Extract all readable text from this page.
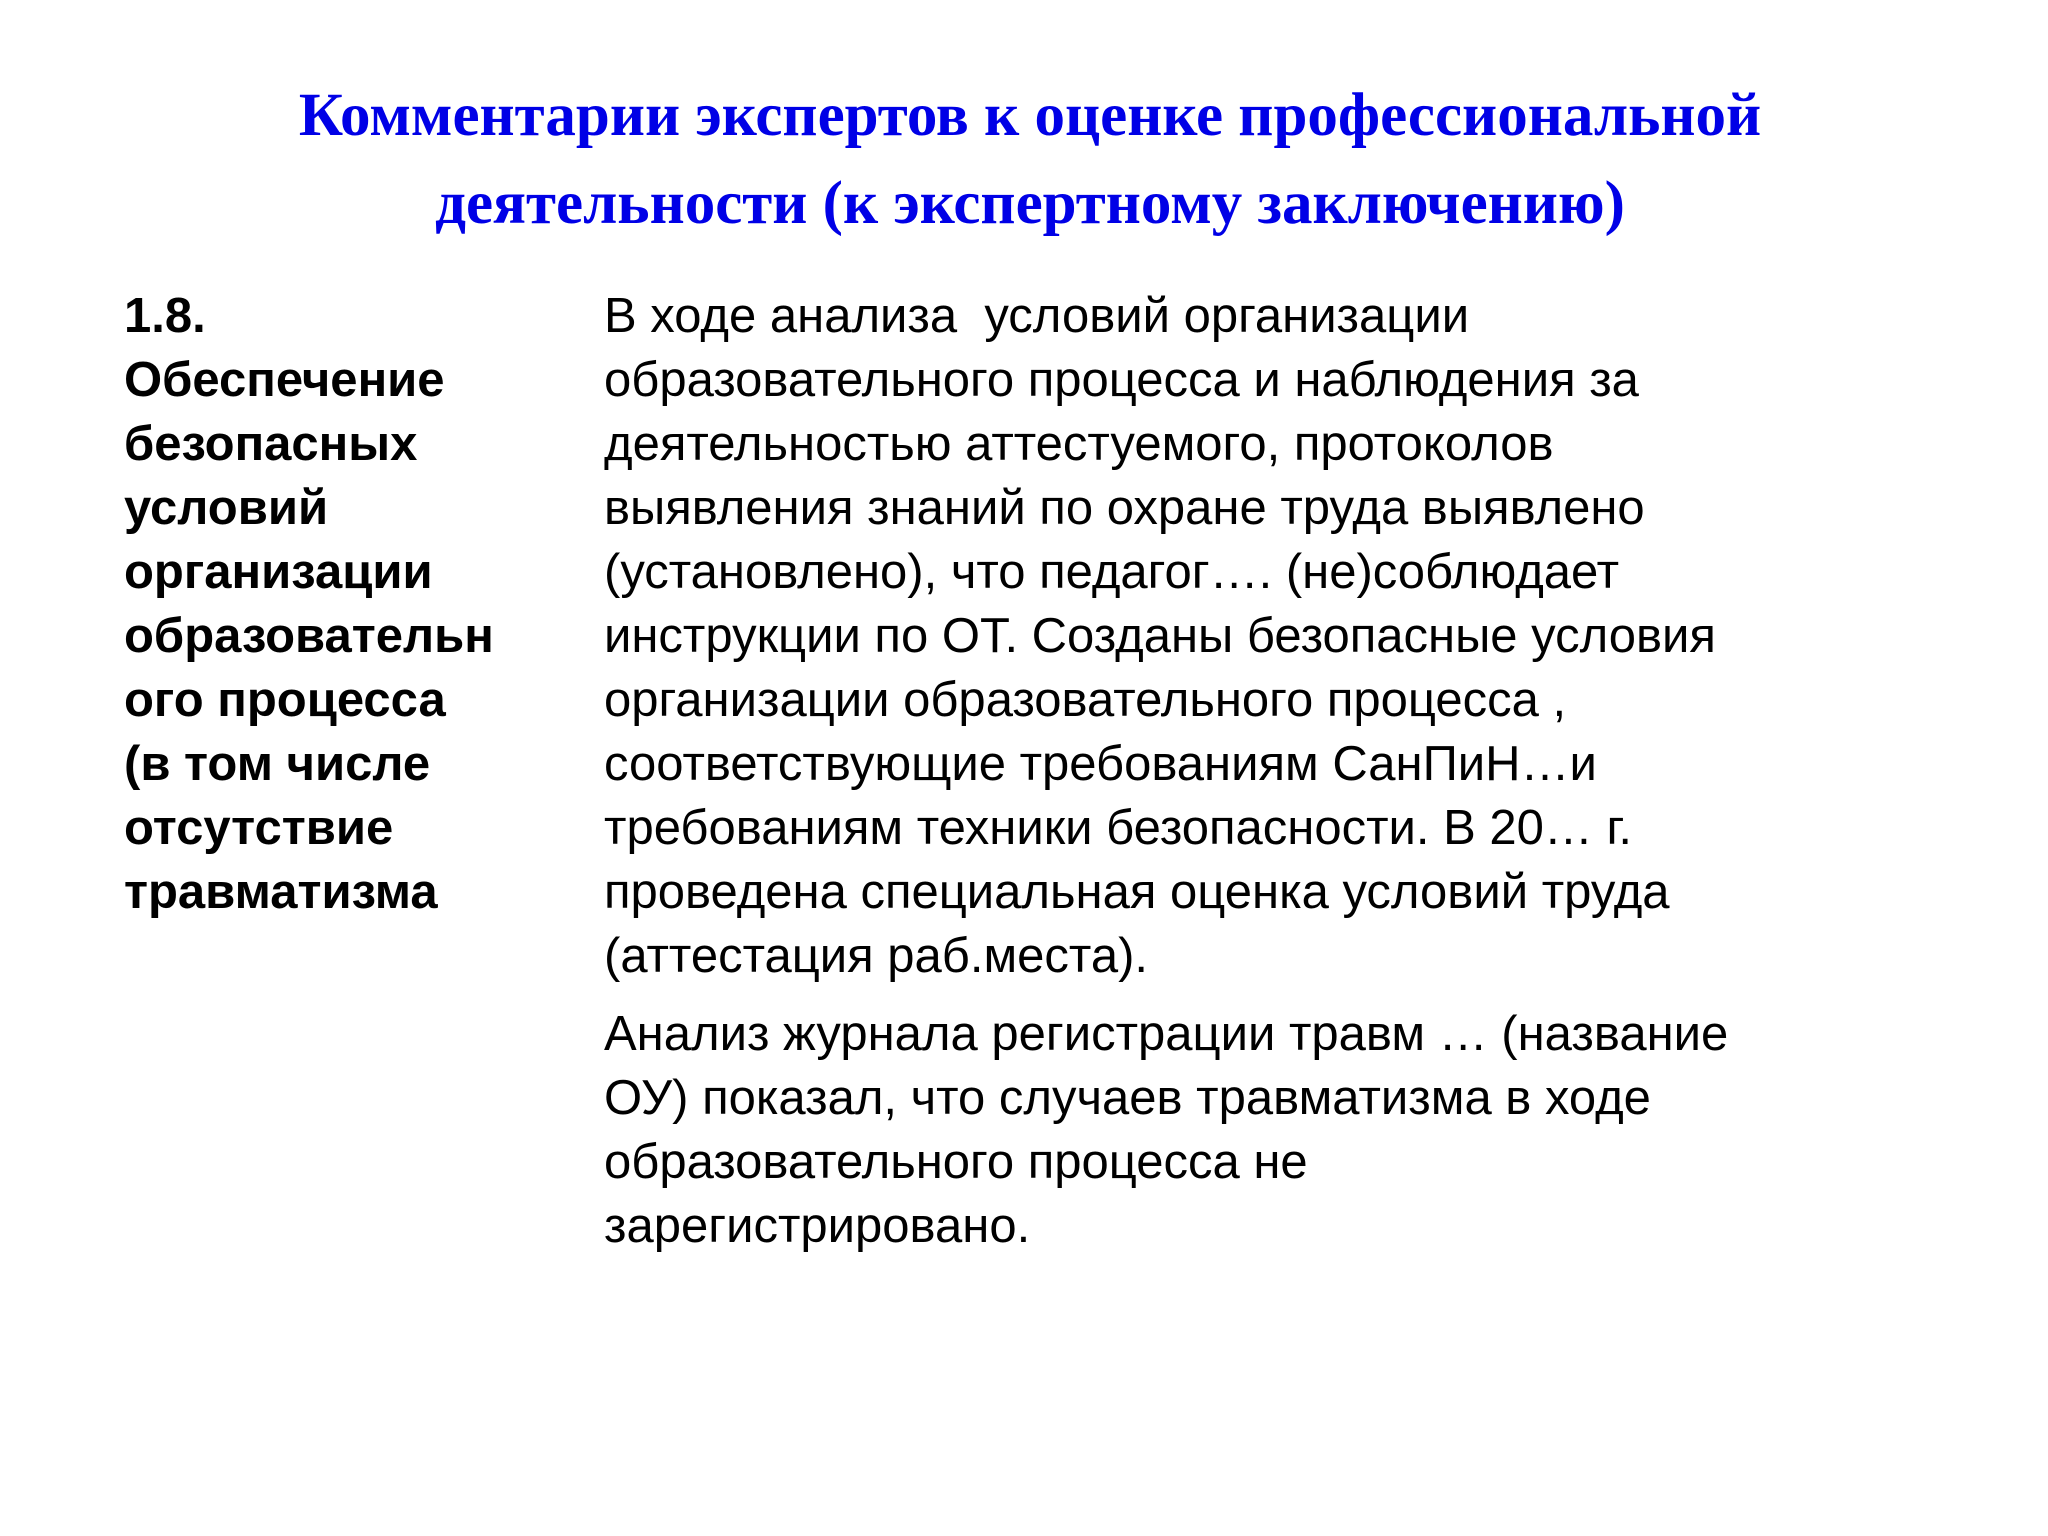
Комментарии экспертов к оценке профессиональной
деятельности (к экспертному заключению)
1.8.
Обеспечение
безопасных
условий
организации
образовательн
ого процесса
(в том числе
отсутствие
травматизма

В ходе анализа  условий организации
образовательного процесса и наблюдения за
деятельностью аттестуемого, протоколов
выявления знаний по охране труда выявлено
(установлено), что педагог…. (не)соблюдает
инструкции по ОТ. Созданы безопасные условия
организации образовательного процесса ,
соответствующие требованиям СанПиН…и
требованиям техники безопасности. В 20… г.
проведена специальная оценка условий труда
(аттестация раб.места).

Анализ журнала регистрации травм … (название
ОУ) показал, что случаев травматизма в ходе
образовательного процесса не
зарегистрировано.
